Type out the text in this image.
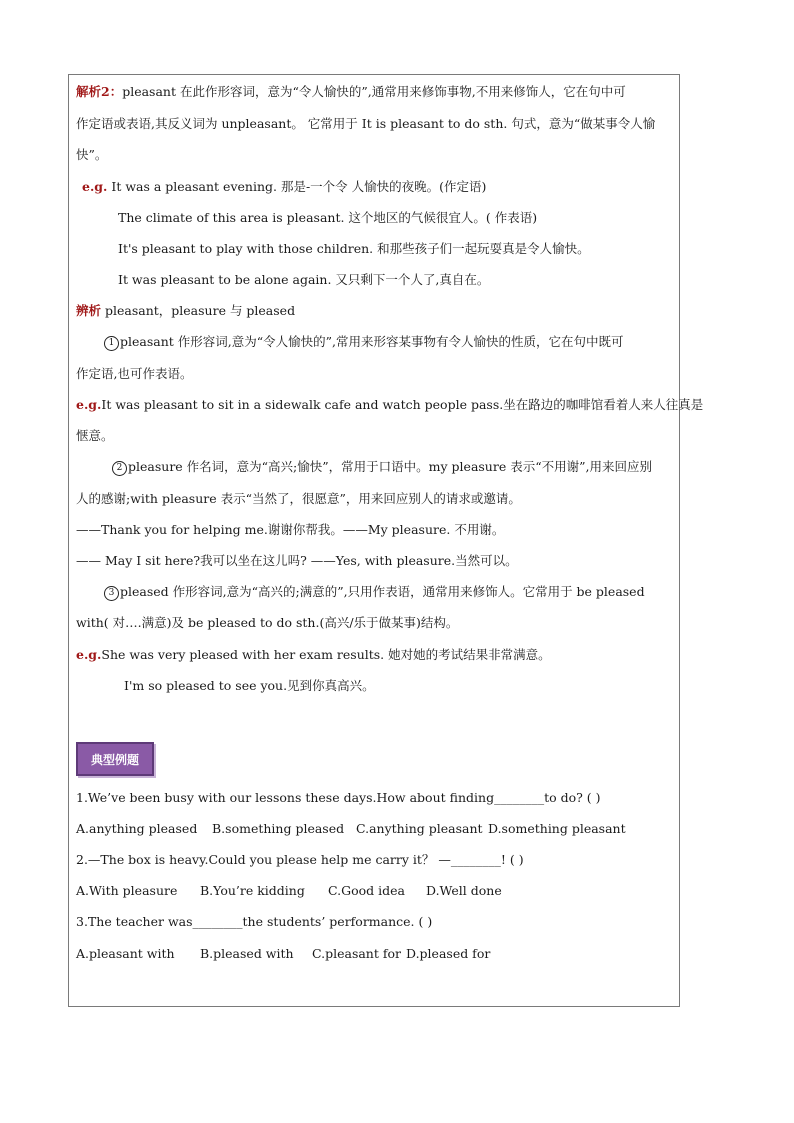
解析2：pleasant 在此作形容词，意为“令人愉快的”,通常用来修饰事物,不用来修饰人，它在句中可
作定语或表语,其反义词为 unpleasant。 它常用于 It is pleasant to do sth. 句式，意为“做某事令人愉
快”。
e.g. It was a pleasant evening. 那是-一个令 人愉快的夜晚。(作定语)
The climate of this area is pleasant. 这个地区的气候很宜人。( 作表语)
It's pleasant to play with those children. 和那些孩子们一起玩耍真是令人愉快。
It was pleasant to be alone again. 又只剩下一个人了,真自在。
辨析 pleasant，pleasure 与 pleased
1 pleasant 作形容词,意为“令人愉快的”,常用来形容某事物有令人愉快的性质，它在句中既可
作定语,也可作表语。
e.g.It was pleasant to sit in a sidewalk cafe and watch people pass.坐在路边的咖啡馆看着人来人往真是
惬意。
2 pleasure 作名词，意为“高兴;愉快”，常用于口语中。my pleasure 表示“不用谢”,用来回应别
人的感谢;with pleasure 表示“当然了，很愿意”，用来回应别人的请求或邀请。
——Thank you for helping me.谢谢你帮我。——My pleasure. 不用谢。
—— May I sit here?我可以坐在这儿吗? ——Yes, with pleasure.当然可以。
3 pleased 作形容词,意为“高兴的;满意的”,只用作表语，通常用来修饰人。它常用于 be pleased
with( 对….满意)及 be pleased to do sth.(高兴/乐于做某事)结构。
e.g.She was very pleased with her exam results. 她对她的考试结果非常满意。
I'm so pleased to see you.见到你真高兴。
典型例题
1.We’ve been busy with our lessons these days.How about finding________to do? ( )
A.anything pleased B.something pleased C.anything pleasant D.something pleasant
2.—The box is heavy.Could you please help me carry it？ —________! ( )
A.With pleasure B.You’re kidding C.Good idea D.Well done
3.The teacher was________the students’ performance. ( )
A.pleasant with B.pleased with C.pleasant for D.pleased for
